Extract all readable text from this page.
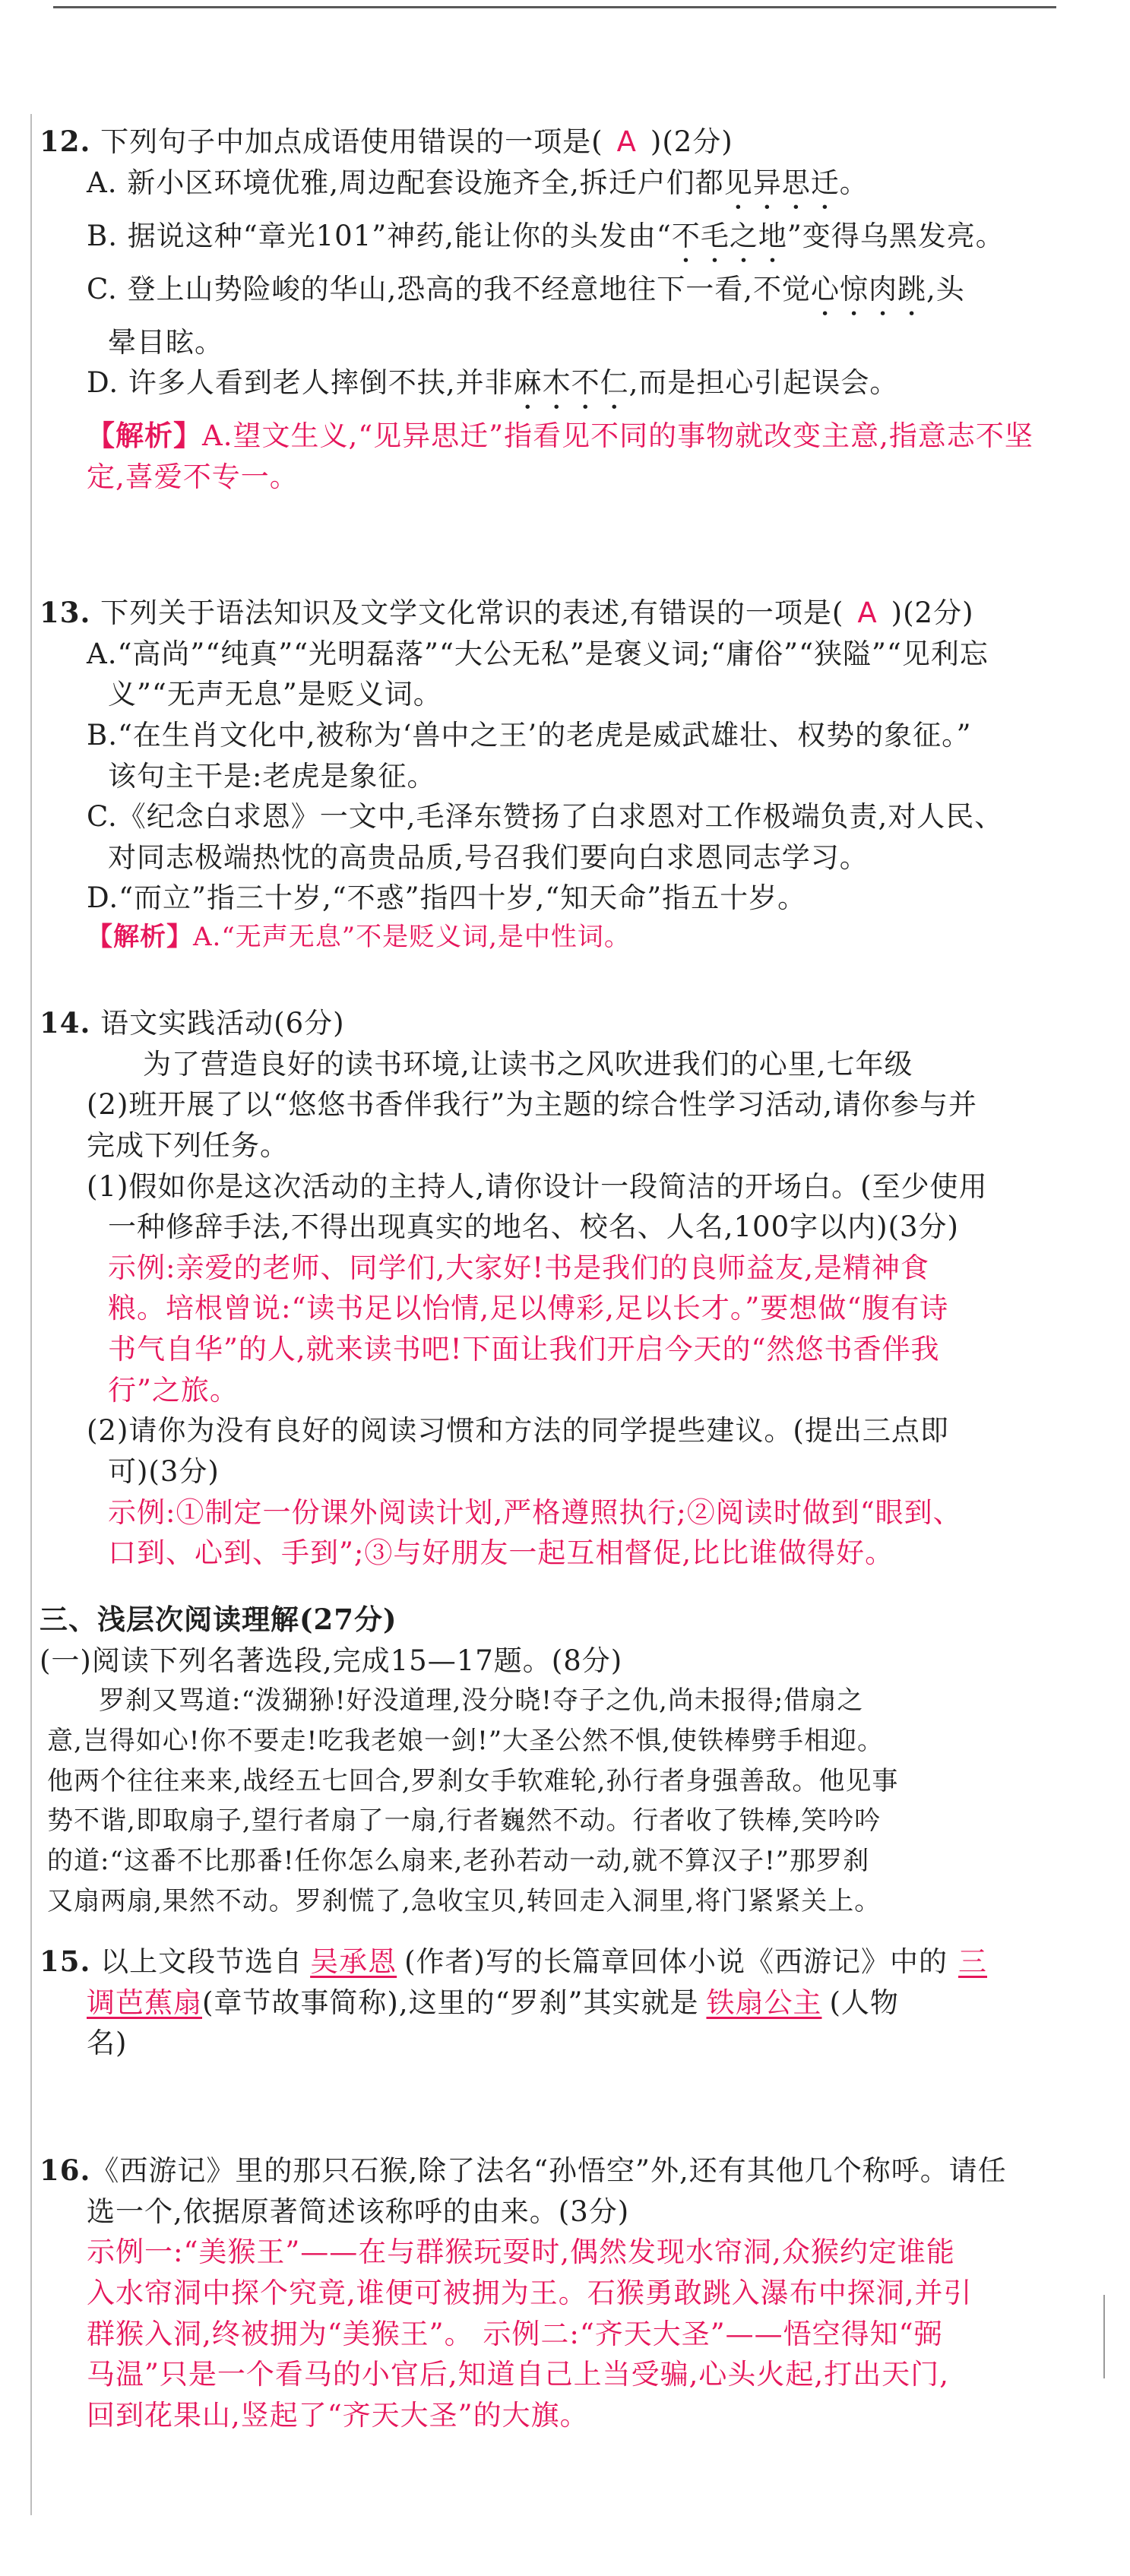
12. 下列句子中加点成语使用错误的一项是( A )(2分)

A. 新小区环境优雅,周边配套设施齐全,拆迁户们都见异思迁。

B. 据说这种“章光101”神药,能让你的头发由“不毛之地”变得乌黑发亮。

C. 登上山势险峻的华山,恐高的我不经意地往下一看,不觉心惊肉跳,头

晕目眩。

D. 许多人看到老人摔倒不扶,并非麻木不仁,而是担心引起误会。

【解析】A.望文生义,“见异思迁”指看见不同的事物就改变主意,指意志不坚

定,喜爱不专一。

13. 下列关于语法知识及文学文化常识的表述,有错误的一项是( A )(2分)

A.“高尚”“纯真”“光明磊落”“大公无私”是褒义词;“庸俗”“狭隘”“见利忘

义”“无声无息”是贬义词。

B.“在生肖文化中,被称为‘兽中之王’的老虎是威武雄壮、权势的象征。”

该句主干是:老虎是象征。

C.《纪念白求恩》一文中,毛泽东赞扬了白求恩对工作极端负责,对人民、

对同志极端热忱的高贵品质,号召我们要向白求恩同志学习。

D.“而立”指三十岁,“不惑”指四十岁,“知天命”指五十岁。

【解析】A.“无声无息”不是贬义词,是中性词。

14. 语文实践活动(6分)

为了营造良好的读书环境,让读书之风吹进我们的心里,七年级

(2)班开展了以“悠悠书香伴我行”为主题的综合性学习活动,请你参与并

完成下列任务。

(1)假如你是这次活动的主持人,请你设计一段简洁的开场白。(至少使用

一种修辞手法,不得出现真实的地名、校名、人名,100字以内)(3分)

示例:亲爱的老师、同学们,大家好!书是我们的良师益友,是精神食

粮。培根曾说:“读书足以怡情,足以傅彩,足以长才。”要想做“腹有诗

书气自华”的人,就来读书吧!下面让我们开启今天的“然悠书香伴我

行”之旅。

(2)请你为没有良好的阅读习惯和方法的同学提些建议。(提出三点即

可)(3分)

示例:①制定一份课外阅读计划,严格遵照执行;②阅读时做到“眼到、

口到、心到、手到”;③与好朋友一起互相督促,比比谁做得好。

三、浅层次阅读理解(27分)

(一)阅读下列名著选段,完成15—17题。(8分)

罗刹又骂道:“泼猢狲!好没道理,没分晓!夺子之仇,尚未报得;借扇之

意,岂得如心!你不要走!吃我老娘一剑!”大圣公然不惧,使铁棒劈手相迎。

他两个往往来来,战经五七回合,罗刹女手软难轮,孙行者身强善敌。他见事

势不谐,即取扇子,望行者扇了一扇,行者巍然不动。行者收了铁棒,笑吟吟

的道:“这番不比那番!任你怎么扇来,老孙若动一动,就不算汉子!”那罗刹

又扇两扇,果然不动。罗刹慌了,急收宝贝,转回走入洞里,将门紧紧关上。

15. 以上文段节选自 吴承恩 (作者)写的长篇章回体小说《西游记》中的 三

调芭蕉扇(章节故事简称),这里的“罗刹”其实就是 铁扇公主 (人物

名)

16.《西游记》里的那只石猴,除了法名“孙悟空”外,还有其他几个称呼。请任

选一个,依据原著简述该称呼的由来。(3分)

示例一:“美猴王”——在与群猴玩耍时,偶然发现水帘洞,众猴约定谁能

入水帘洞中探个究竟,谁便可被拥为王。石猴勇敢跳入瀑布中探洞,并引

群猴入洞,终被拥为“美猴王”。 示例二:“齐天大圣”——悟空得知“弼

马温”只是一个看马的小官后,知道自己上当受骗,心头火起,打出天门,

回到花果山,竖起了“齐天大圣”的大旗。
